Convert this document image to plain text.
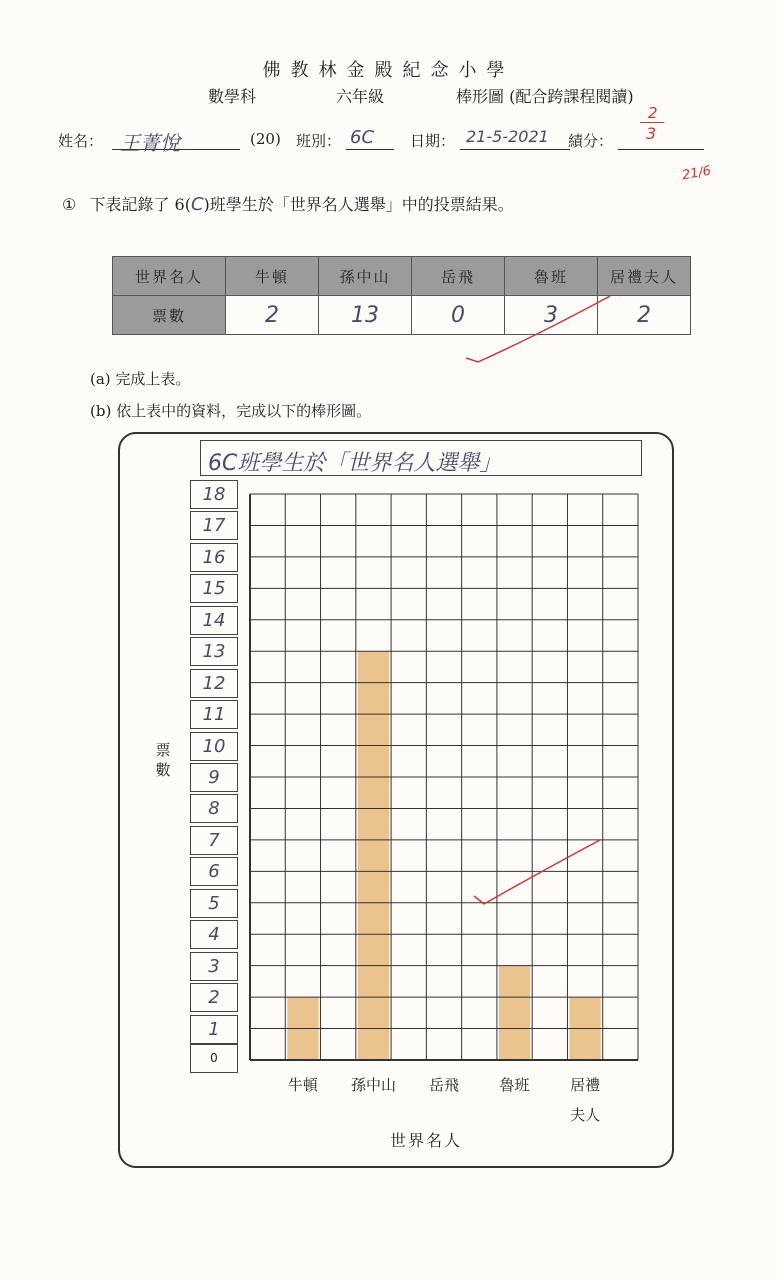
佛教林金殿紀念小學
數學科	六年級	棒形圖 (配合跨課程閱讀)
姓名： 王菁悅	(20) 班別： 6C	日期： 21-5-2021	績分：
2
3
21/6
① 下表記錄了 6(C)班學生於「世界名人選舉」中的投票結果。
世界名人	牛頓	孫中山	岳飛	魯班	居禮夫人
票數	2	13	0	3	2
(a) 完成上表。
(b) 依上表中的資料，完成以下的棒形圖。
6C班學生於「世界名人選舉」
票數
0
1
2
3
4
5
6
7
8
9
10
11
12
13
14
15
16
17
18
牛頓	孫中山	岳飛	魯班	居禮
夫人
世界名人
